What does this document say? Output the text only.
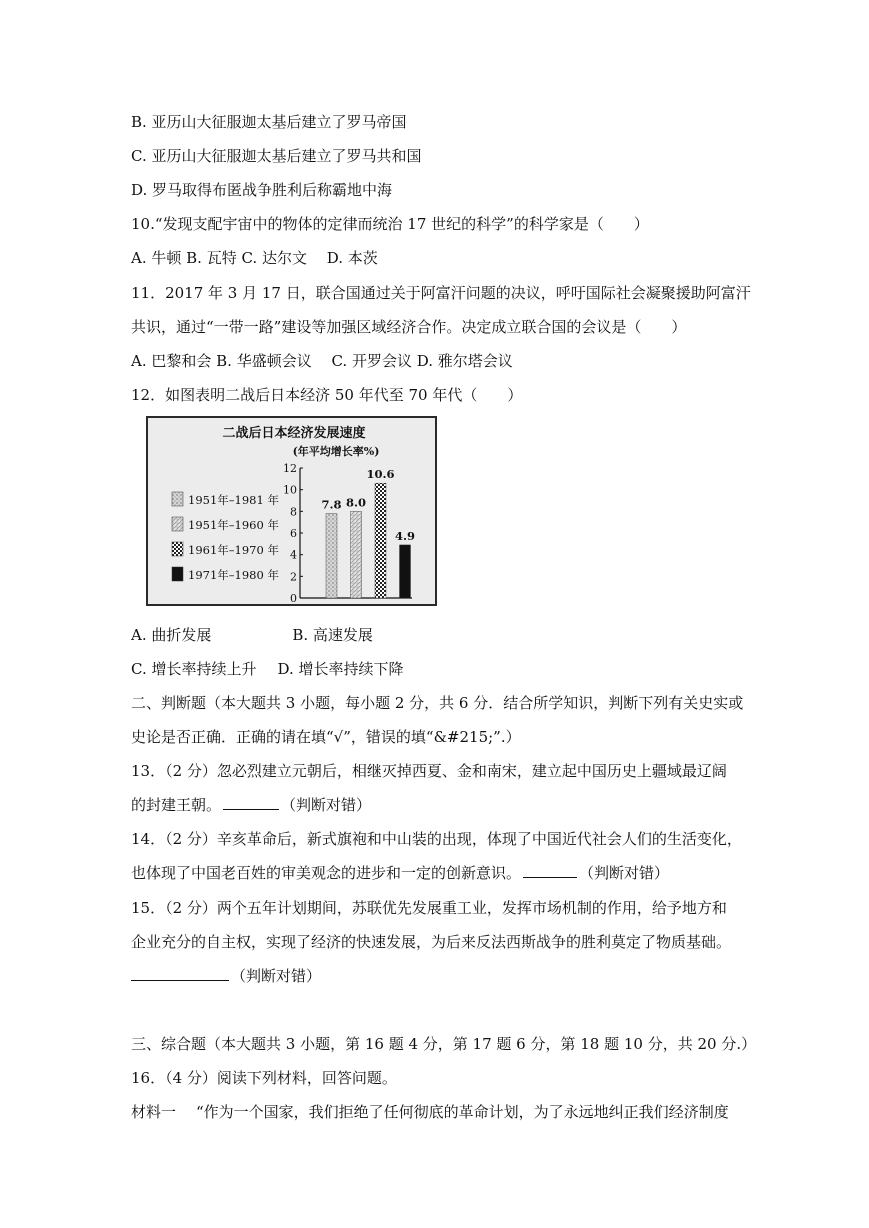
B. 亚历山大征服迦太基后建立了罗马帝国

C. 亚历山大征服迦太基后建立了罗马共和国

D. 罗马取得布匿战争胜利后称霸地中海

10.“发现支配宇宙中的物体的定律而统治 17 世纪的科学”的科学家是（　　）

A. 牛顿 B. 瓦特 C. 达尔文　 D. 本茨

11．2017 年 3 月 17 日，联合国通过关于阿富汗问题的决议，呼吁国际社会凝聚援助阿富汗

共识，通过“一带一路”建设等加强区域经济合作。决定成立联合国的会议是（　　）

A. 巴黎和会 B. 华盛顿会议　 C. 开罗会议 D. 雅尔塔会议

12．如图表明二战后日本经济 50 年代至 70 年代（　　）

二战后日本经济发展速度
(年平均增长率%)
1951年–1981 年
1951年–1960 年
1961年–1970 年
1971年–1980 年
0
2
4
6
8
10
12
7.8 8.0
10.6
4.9

A. 曲折发展	B. 高速发展

C. 增长率持续上升 D. 增长率持续下降

二、判断题（本大题共 3 小题，每小题 2 分，共 6 分．结合所学知识，判断下列有关史实或

史论是否正确．正确的请在填“√”，错误的填“&#215;”.）

13．（2 分）忽必烈建立元朝后，相继灭掉西夏、金和南宋，建立起中国历史上疆域最辽阔

的封建王朝。	（判断对错）

14．（2 分）辛亥革命后，新式旗袍和中山装的出现，体现了中国近代社会人们的生活变化，

也体现了中国老百姓的审美观念的进步和一定的创新意识。	（判断对错）

15．（2 分）两个五年计划期间，苏联优先发展重工业，发挥市场机制的作用，给予地方和

企业充分的自主权，实现了经济的快速发展，为后来反法西斯战争的胜利莫定了物质基础。

（判断对错）

三、综合题（本大题共 3 小题，第 16 题 4 分，第 17 题 6 分，第 18 题 10 分，共 20 分.）

16．（4 分）阅读下列材料，回答问题。

材料一 “作为一个国家，我们拒绝了任何彻底的革命计划，为了永远地纠正我们经济制度
